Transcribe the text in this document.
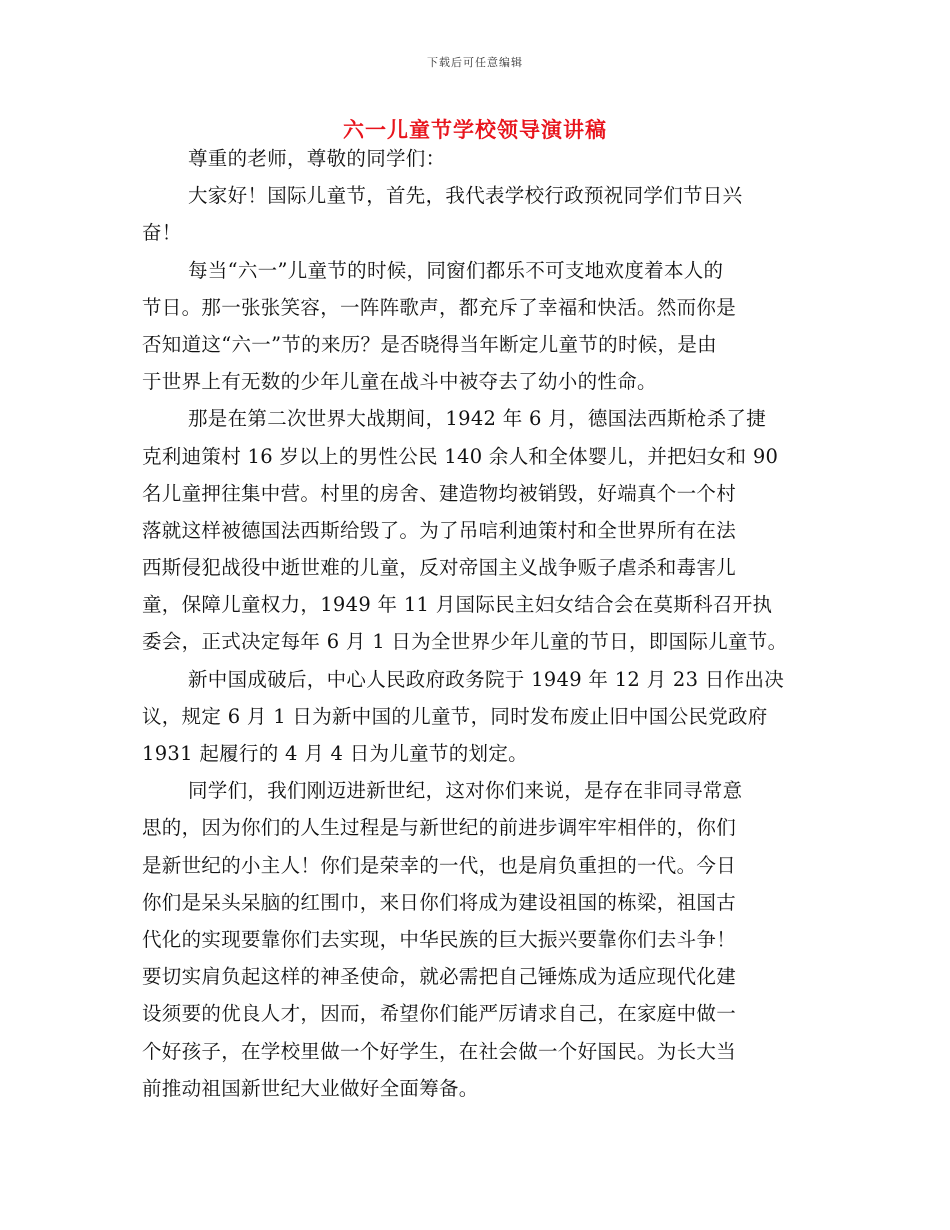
下载后可任意编辑
六一儿童节学校领导演讲稿
尊重的老师，尊敬的同学们：
大家好！国际儿童节，首先，我代表学校行政预祝同学们节日兴
奋！
每当“六一”儿童节的时候，同窗们都乐不可支地欢度着本人的
节日。那一张张笑容，一阵阵歌声，都充斥了幸福和快活。然而你是
否知道这“六一”节的来历？是否晓得当年断定儿童节的时候，是由
于世界上有无数的少年儿童在战斗中被夺去了幼小的性命。
那是在第二次世界大战期间，1942 年 6 月，德国法西斯枪杀了捷
克利迪策村 16 岁以上的男性公民 140 余人和全体婴儿，并把妇女和 90
名儿童押往集中营。村里的房舍、建造物均被销毁，好端真个一个村
落就这样被德国法西斯给毁了。为了吊唁利迪策村和全世界所有在法
西斯侵犯战役中逝世难的儿童，反对帝国主义战争贩子虐杀和毒害儿
童，保障儿童权力，1949 年 11 月国际民主妇女结合会在莫斯科召开执
委会，正式决定每年 6 月 1 日为全世界少年儿童的节日，即国际儿童节。
新中国成破后，中心人民政府政务院于 1949 年 12 月 23 日作出决
议，规定 6 月 1 日为新中国的儿童节，同时发布废止旧中国公民党政府
1931 起履行的 4 月 4 日为儿童节的划定。
同学们，我们刚迈进新世纪，这对你们来说，是存在非同寻常意
思的，因为你们的人生过程是与新世纪的前进步调牢牢相伴的，你们
是新世纪的小主人！你们是荣幸的一代，也是肩负重担的一代。今日
你们是呆头呆脑的红围巾，来日你们将成为建设祖国的栋梁，祖国古
代化的实现要靠你们去实现，中华民族的巨大振兴要靠你们去斗争！
要切实肩负起这样的神圣使命，就必需把自己锤炼成为适应现代化建
设须要的优良人才，因而，希望你们能严厉请求自己，在家庭中做一
个好孩子，在学校里做一个好学生，在社会做一个好国民。为长大当
前推动祖国新世纪大业做好全面筹备。
